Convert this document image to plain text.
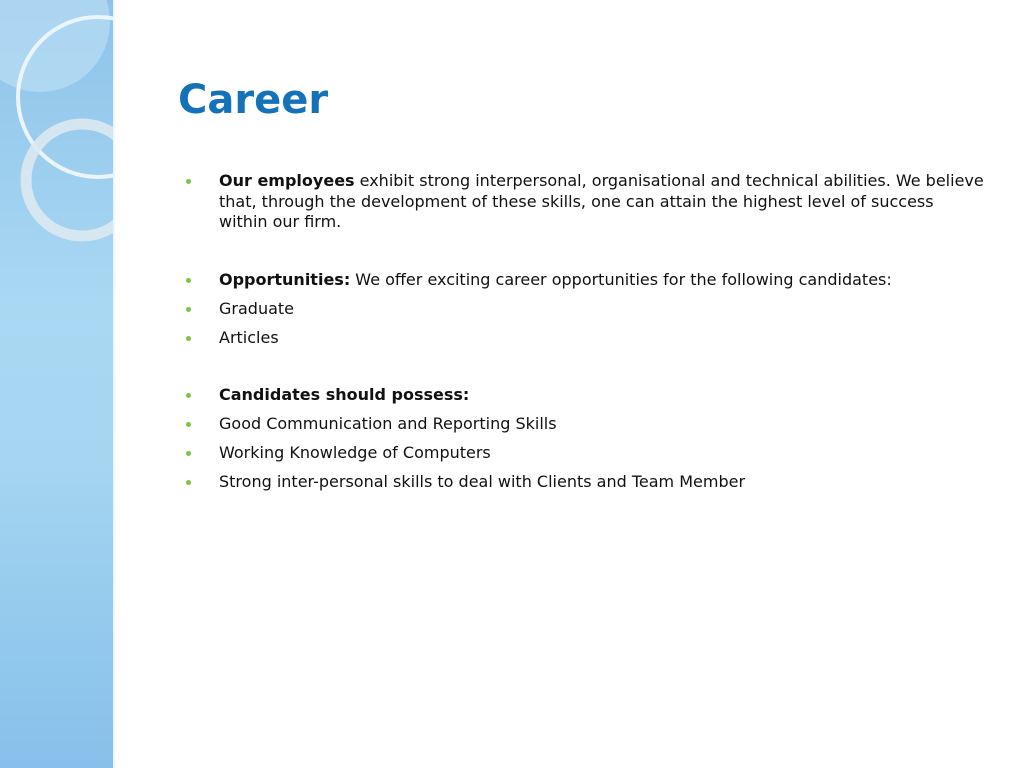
Career
Our employees exhibit strong interpersonal, organisational and technical abilities. We believe that, through the development of these skills, one can attain the highest level of success within our firm.
Opportunities: We offer exciting career opportunities for the following candidates:
Graduate
Articles
Candidates should possess:
Good Communication and Reporting Skills
Working Knowledge of Computers
Strong inter-personal skills to deal with Clients and Team Member
